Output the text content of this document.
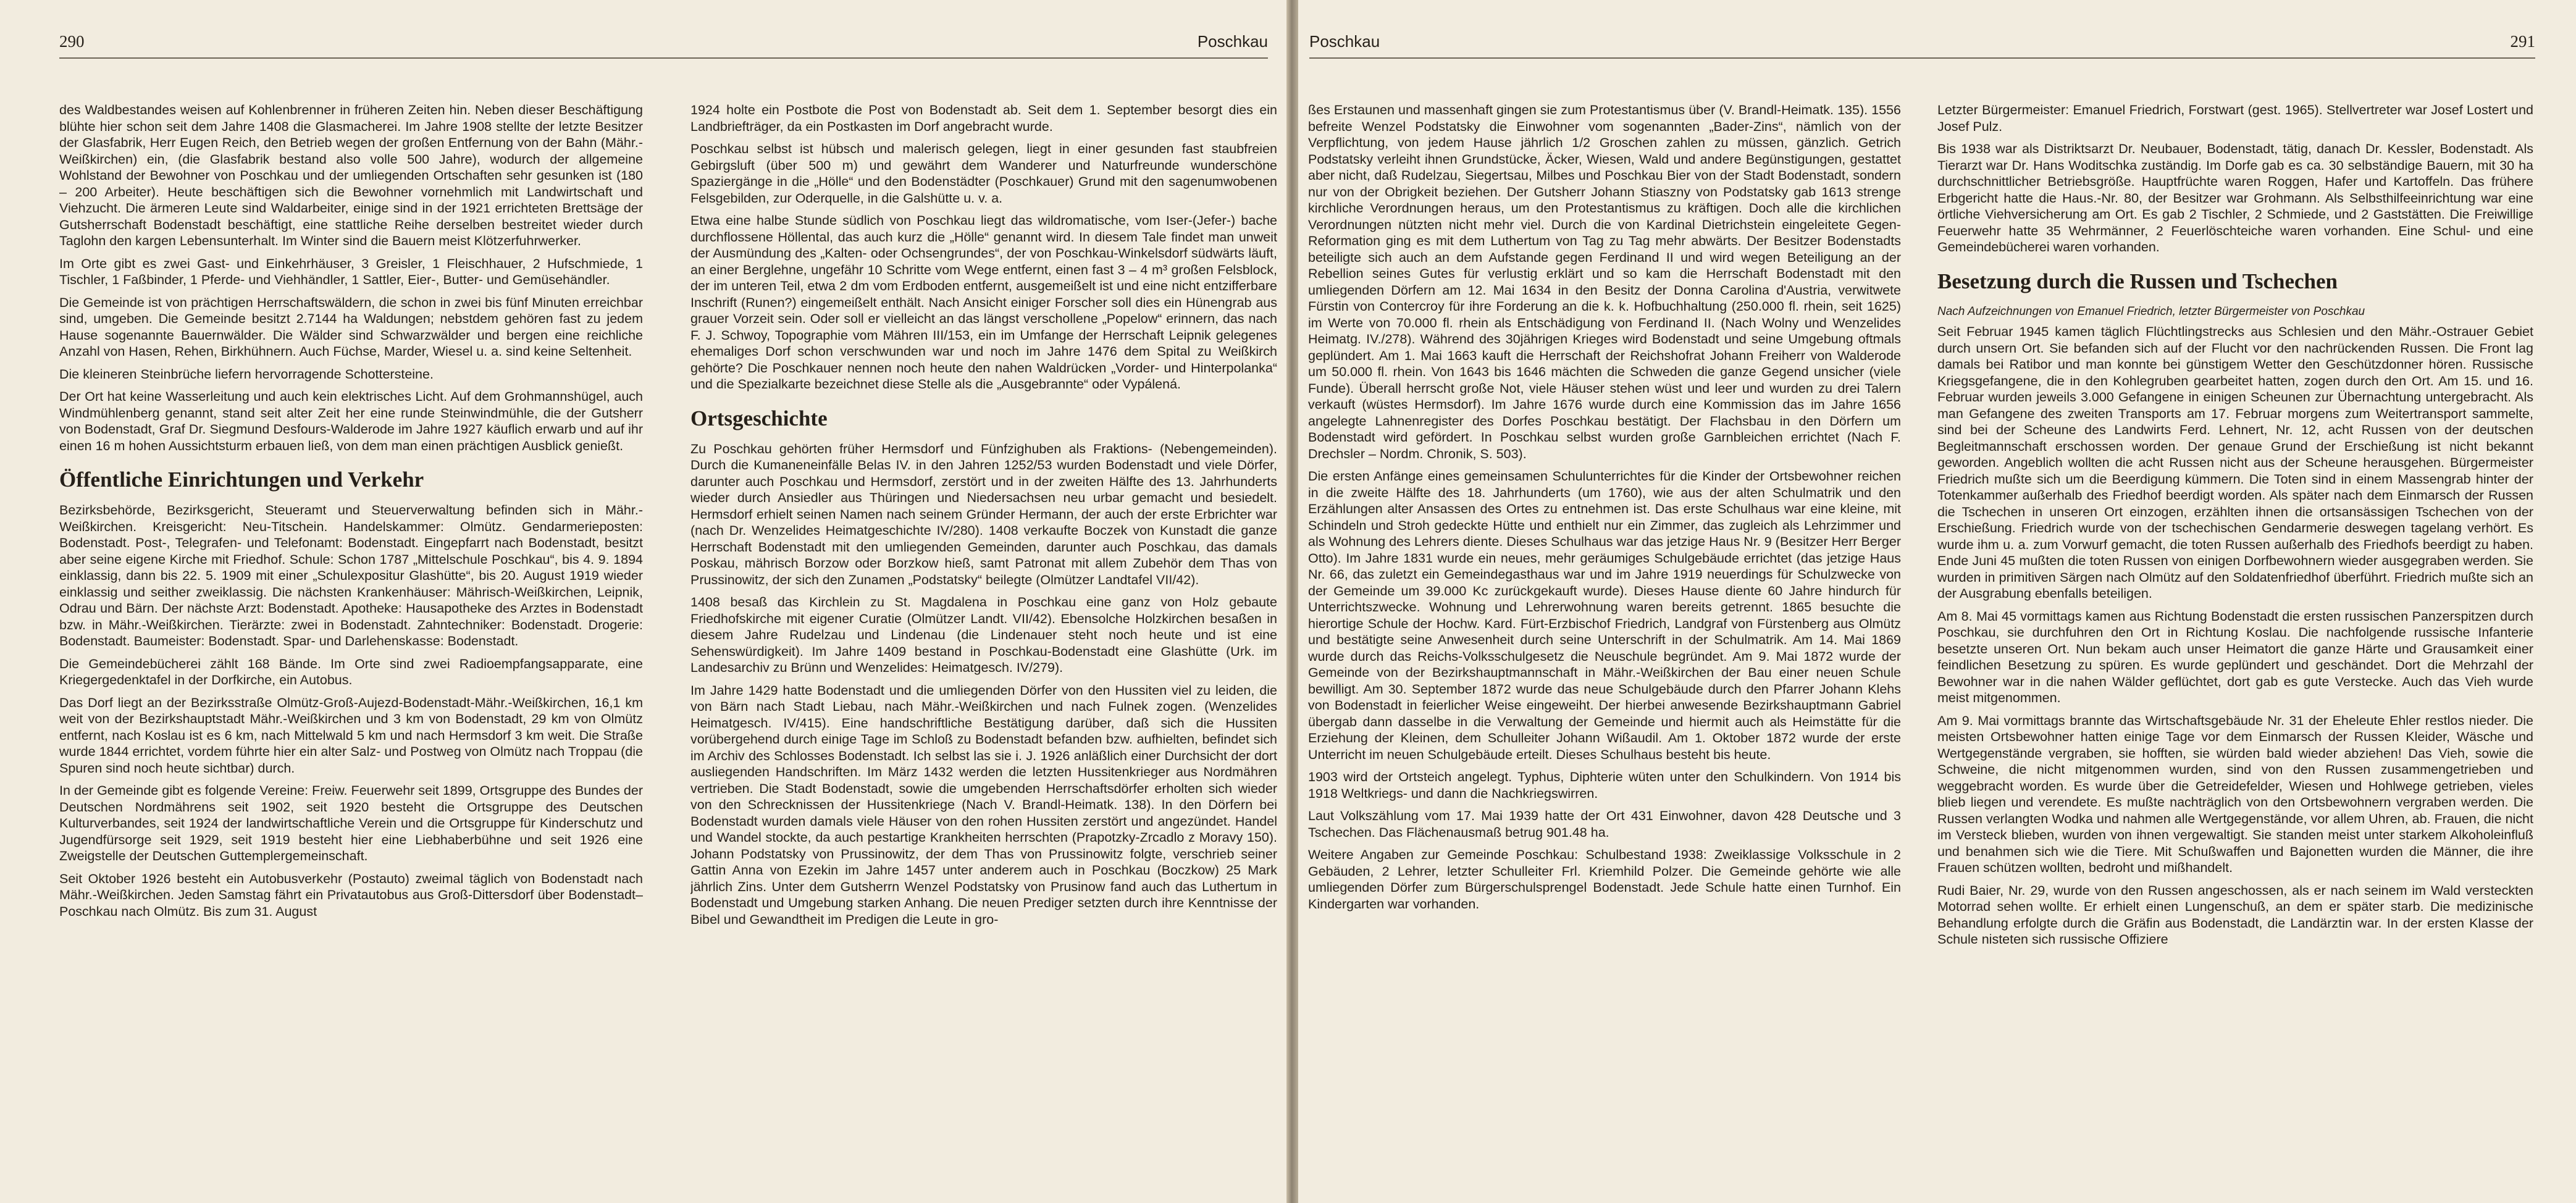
290	Poschkau

des Waldbestandes weisen auf Kohlenbrenner in früheren Zeiten hin. Neben dieser Beschäftigung blühte hier schon seit dem Jahre 1408 die Glasmacherei. Im Jahre 1908 stellte der letzte Besitzer der Glasfabrik, Herr Eugen Reich, den Betrieb wegen der großen Entfernung von der Bahn (Mähr.-Weißkirchen) ein, (die Glasfabrik bestand also volle 500 Jahre), wodurch der allgemeine Wohlstand der Bewohner von Poschkau und der umliegenden Ortschaften sehr gesunken ist (180 – 200 Arbeiter). Heute beschäftigen sich die Bewohner vornehmlich mit Landwirtschaft und Viehzucht. Die ärmeren Leute sind Waldarbeiter, einige sind in der 1921 errichteten Brettsäge der Gutsherrschaft Bodenstadt beschäftigt, eine stattliche Reihe derselben bestreitet wieder durch Taglohn den kargen Lebensunterhalt. Im Winter sind die Bauern meist Klötzerfuhrwerker.

Im Orte gibt es zwei Gast- und Einkehrhäuser, 3 Greisler, 1 Fleischhauer, 2 Hufschmiede, 1 Tischler, 1 Faßbinder, 1 Pferde- und Viehhändler, 1 Sattler, Eier-, Butter- und Gemüsehändler.

Die Gemeinde ist von prächtigen Herrschaftswäldern, die schon in zwei bis fünf Minuten erreichbar sind, umgeben. Die Gemeinde besitzt 2.7144 ha Waldungen; nebstdem gehören fast zu jedem Hause sogenannte Bauernwälder. Die Wälder sind Schwarzwälder und bergen eine reichliche Anzahl von Hasen, Rehen, Birkhühnern. Auch Füchse, Marder, Wiesel u. a. sind keine Seltenheit.

Die kleineren Steinbrüche liefern hervorragende Schottersteine.

Der Ort hat keine Wasserleitung und auch kein elektrisches Licht. Auf dem Grohmannshügel, auch Windmühlenberg genannt, stand seit alter Zeit her eine runde Steinwindmühle, die der Gutsherr von Bodenstadt, Graf Dr. Siegmund Desfours-Walderode im Jahre 1927 käuflich erwarb und auf ihr einen 16 m hohen Aussichtsturm erbauen ließ, von dem man einen prächtigen Ausblick genießt.

Öffentliche Einrichtungen und Verkehr

Bezirksbehörde, Bezirksgericht, Steueramt und Steuerverwaltung befinden sich in Mähr.-Weißkirchen. Kreisgericht: Neu-Titschein. Handelskammer: Olmütz. Gendarmerieposten: Bodenstadt. Post-, Telegrafen- und Telefonamt: Bodenstadt. Eingepfarrt nach Bodenstadt, besitzt aber seine eigene Kirche mit Friedhof. Schule: Schon 1787 „Mittelschule Poschkau“, bis 4. 9. 1894 einklassig, dann bis 22. 5. 1909 mit einer „Schulexpositur Glashütte“, bis 20. August 1919 wieder einklassig und seither zweiklassig. Die nächsten Krankenhäuser: Mährisch-Weißkirchen, Leipnik, Odrau und Bärn. Der nächste Arzt: Bodenstadt. Apotheke: Hausapotheke des Arztes in Bodenstadt bzw. in Mähr.-Weißkirchen. Tierärzte: zwei in Bodenstadt. Zahntechniker: Bodenstadt. Drogerie: Bodenstadt. Baumeister: Bodenstadt. Spar- und Darlehenskasse: Bodenstadt.

Die Gemeindebücherei zählt 168 Bände. Im Orte sind zwei Radioempfangsapparate, eine Kriegergedenktafel in der Dorfkirche, ein Autobus.

Das Dorf liegt an der Bezirksstraße Olmütz-Groß-Aujezd-Bodenstadt-Mähr.-Weißkirchen, 16,1 km weit von der Bezirkshauptstadt Mähr.-Weißkirchen und 3 km von Bodenstadt, 29 km von Olmütz entfernt, nach Koslau ist es 6 km, nach Mittelwald 5 km und nach Hermsdorf 3 km weit. Die Straße wurde 1844 errichtet, vordem führte hier ein alter Salz- und Postweg von Olmütz nach Troppau (die Spuren sind noch heute sichtbar) durch.

In der Gemeinde gibt es folgende Vereine: Freiw. Feuerwehr seit 1899, Ortsgruppe des Bundes der Deutschen Nordmährens seit 1902, seit 1920 besteht die Ortsgruppe des Deutschen Kulturverbandes, seit 1924 der landwirtschaftliche Verein und die Ortsgruppe für Kinderschutz und Jugendfürsorge seit 1929, seit 1919 besteht hier eine Liebhaberbühne und seit 1926 eine Zweigstelle der Deutschen Guttemplergemeinschaft.

Seit Oktober 1926 besteht ein Autobusverkehr (Postauto) zweimal täglich von Bodenstadt nach Mähr.-Weißkirchen. Jeden Samstag fährt ein Privatautobus aus Groß-Dittersdorf über Bodenstadt–Poschkau nach Olmütz. Bis zum 31. August

1924 holte ein Postbote die Post von Bodenstadt ab. Seit dem 1. September besorgt dies ein Landbriefträger, da ein Postkasten im Dorf angebracht wurde.

Poschkau selbst ist hübsch und malerisch gelegen, liegt in einer gesunden fast staubfreien Gebirgsluft (über 500 m) und gewährt dem Wanderer und Naturfreunde wunderschöne Spaziergänge in die „Hölle“ und den Bodenstädter (Poschkauer) Grund mit den sagenumwobenen Felsgebilden, zur Oderquelle, in die Galshütte u. v. a.

Etwa eine halbe Stunde südlich von Poschkau liegt das wildromatische, vom Iser-(Jefer-) bache durchflossene Höllental, das auch kurz die „Hölle“ genannt wird. In diesem Tale findet man unweit der Ausmündung des „Kalten- oder Ochsengrundes“, der von Poschkau-Winkelsdorf südwärts läuft, an einer Berglehne, ungefähr 10 Schritte vom Wege entfernt, einen fast 3 – 4 m³ großen Felsblock, der im unteren Teil, etwa 2 dm vom Erdboden entfernt, ausgemeißelt ist und eine nicht entzifferbare Inschrift (Runen?) eingemeißelt enthält. Nach Ansicht einiger Forscher soll dies ein Hünengrab aus grauer Vorzeit sein. Oder soll er vielleicht an das längst verschollene „Popelow“ erinnern, das nach F. J. Schwoy, Topographie vom Mähren III/153, ein im Umfange der Herrschaft Leipnik gelegenes ehemaliges Dorf schon verschwunden war und noch im Jahre 1476 dem Spital zu Weißkirch gehörte? Die Poschkauer nennen noch heute den nahen Waldrücken „Vorder- und Hinterpolanka“ und die Spezialkarte bezeichnet diese Stelle als die „Ausgebrannte“ oder Vypálená.

Ortsgeschichte

Zu Poschkau gehörten früher Hermsdorf und Fünfzighuben als Fraktions- (Nebengemeinden). Durch die Kumanenеinfälle Belas IV. in den Jahren 1252/53 wurden Bodenstadt und viele Dörfer, darunter auch Poschkau und Hermsdorf, zerstört und in der zweiten Hälfte des 13. Jahrhunderts wieder durch Ansiedler aus Thüringen und Niedersachsen neu urbar gemacht und besiedelt. Hermsdorf erhielt seinen Namen nach seinem Gründer Hermann, der auch der erste Erbrichter war (nach Dr. Wenzelides Heimatgeschichte IV/280). 1408 verkaufte Boczek von Kunstadt die ganze Herrschaft Bodenstadt mit den umliegenden Gemeinden, darunter auch Poschkau, das damals Poskau, mährisch Borzow oder Borzkow hieß, samt Patronat mit allem Zubehör dem Thas von Prussinowitz, der sich den Zunamen „Podstatsky“ beilegte (Olmützer Landtafel VII/42).

1408 besaß das Kirchlein zu St. Magdalena in Poschkau eine ganz von Holz gebaute Friedhofskirche mit eigener Curatie (Olmützer Landt. VII/42). Ebensolche Holzkirchen besaßen in diesem Jahre Rudelzau und Lindenau (die Lindenauer steht noch heute und ist eine Sehenswürdigkeit). Im Jahre 1409 bestand in Poschkau-Bodenstadt eine Glashütte (Urk. im Landesarchiv zu Brünn und Wenzelides: Heimatgesch. IV/279).

Im Jahre 1429 hatte Bodenstadt und die umliegenden Dörfer von den Hussiten viel zu leiden, die von Bärn nach Stadt Liebau, nach Mähr.-Weißkirchen und nach Fulnek zogen. (Wenzelides Heimatgesch. IV/415). Eine handschriftliche Bestätigung darüber, daß sich die Hussiten vorübergehend durch einige Tage im Schloß zu Bodenstadt befanden bzw. aufhielten, befindet sich im Archiv des Schlosses Bodenstadt. Ich selbst las sie i. J. 1926 anläßlich einer Durchsicht der dort ausliegenden Handschriften. Im März 1432 werden die letzten Hussitenkrieger aus Nordmähren vertrieben. Die Stadt Bodenstadt, sowie die umgebenden Herrschaftsdörfer erholten sich wieder von den Schrecknissen der Hussitenkriege (Nach V. Brandl-Heimatk. 138). In den Dörfern bei Bodenstadt wurden damals viele Häuser von den rohen Hussiten zerstört und angezündet. Handel und Wandel stockte, da auch pestartige Krankheiten herrschten (Prapotzky-Zrcadlo z Moravy 150). Johann Podstatsky von Prussinowitz, der dem Thas von Prussinowitz folgte, verschrieb seiner Gattin Anna von Ezekin im Jahre 1457 unter anderem auch in Poschkau (Boczkow) 25 Mark jährlich Zins. Unter dem Gutsherrn Wenzel Podstatsky von Prusinow fand auch das Luthertum in Bodenstadt und Umgebung starken Anhang. Die neuen Prediger setzten durch ihre Kenntnisse der Bibel und Gewandtheit im Predigen die Leute in gro-

Poschkau	291

ßes Erstaunen und massenhaft gingen sie zum Protestantismus über (V. Brandl-Heimatk. 135). 1556 befreite Wenzel Podstatsky die Einwohner vom sogenannten „Bader-Zins“, nämlich von der Verpflichtung, von jedem Hause jährlich 1/2 Groschen zahlen zu müssen, gänzlich. Getrich Podstatsky verleiht ihnen Grundstücke, Äcker, Wiesen, Wald und andere Begünstigungen, gestattet aber nicht, daß Rudelzau, Siegertsau, Milbes und Poschkau Bier von der Stadt Bodenstadt, sondern nur von der Obrigkeit beziehen. Der Gutsherr Johann Stiaszny von Podstatsky gab 1613 strenge kirchliche Verordnungen heraus, um den Protestantismus zu kräftigen. Doch alle die kirchlichen Verordnungen nützten nicht mehr viel. Durch die von Kardinal Dietrichstein eingeleitete Gegen-Reformation ging es mit dem Luthertum von Tag zu Tag mehr abwärts. Der Besitzer Bodenstadts beteiligte sich auch an dem Aufstande gegen Ferdinand II und wird wegen Beteiligung an der Rebellion seines Gutes für verlustig erklärt und so kam die Herrschaft Bodenstadt mit den umliegenden Dörfern am 12. Mai 1634 in den Besitz der Donna Carolina d'Austria, verwitwete Fürstin von Contercroy für ihre Forderung an die k. k. Hofbuchhaltung (250.000 fl. rhein, seit 1625) im Werte von 70.000 fl. rhein als Entschädigung von Ferdinand II. (Nach Wolny und Wenzelides Heimatg. IV./278). Während des 30jährigen Krieges wird Bodenstadt und seine Umgebung oftmals geplündert. Am 1. Mai 1663 kauft die Herrschaft der Reichshofrat Johann Freiherr von Walderode um 50.000 fl. rhein. Von 1643 bis 1646 mächten die Schweden die ganze Gegend unsicher (viele Funde). Überall herrscht große Not, viele Häuser stehen wüst und leer und wurden zu drei Talern verkauft (wüstes Hermsdorf). Im Jahre 1676 wurde durch eine Kommission das im Jahre 1656 angelegte Lahnenregister des Dorfes Poschkau bestätigt. Der Flachsbau in den Dörfern um Bodenstadt wird gefördert. In Poschkau selbst wurden große Garnbleichen errichtet (Nach F. Drechsler – Nordm. Chronik, S. 503).

Die ersten Anfänge eines gemeinsamen Schulunterrichtes für die Kinder der Ortsbewohner reichen in die zweite Hälfte des 18. Jahrhunderts (um 1760), wie aus der alten Schulmatrik und den Erzählungen alter Ansassen des Ortes zu entnehmen ist. Das erste Schulhaus war eine kleine, mit Schindeln und Stroh gedeckte Hütte und enthielt nur ein Zimmer, das zugleich als Lehrzimmer und als Wohnung des Lehrers diente. Dieses Schulhaus war das jetzige Haus Nr. 9 (Besitzer Herr Berger Otto). Im Jahre 1831 wurde ein neues, mehr geräumiges Schulgebäude errichtet (das jetzige Haus Nr. 66, das zuletzt ein Gemeindegasthaus war und im Jahre 1919 neuerdings für Schulzwecke von der Gemeinde um 39.000 Kc zurückgekauft wurde). Dieses Hause diente 60 Jahre hindurch für Unterrichtszwecke. Wohnung und Lehrerwohnung waren bereits getrennt. 1865 besuchte die hierortige Schule der Hochw. Kard. Fürt-Erzbischof Friedrich, Landgraf von Fürstenberg aus Olmütz und bestätigte seine Anwesenheit durch seine Unterschrift in der Schulmatrik. Am 14. Mai 1869 wurde durch das Reichs-Volksschulgesetz die Neuschule begründet. Am 9. Mai 1872 wurde der Gemeinde von der Bezirkshauptmannschaft in Mähr.-Weißkirchen der Bau einer neuen Schule bewilligt. Am 30. September 1872 wurde das neue Schulgebäude durch den Pfarrer Johann Klehs von Bodenstadt in feierlicher Weise eingeweiht. Der hierbei anwesende Bezirkshauptmann Gabriel übergab dann dasselbe in die Verwaltung der Gemeinde und hiermit auch als Heimstätte für die Erziehung der Kleinen, dem Schulleiter Johann Wißaudil. Am 1. Oktober 1872 wurde der erste Unterricht im neuen Schulgebäude erteilt. Dieses Schulhaus besteht bis heute.

1903 wird der Ortsteich angelegt. Typhus, Diphterie wüten unter den Schulkindern. Von 1914 bis 1918 Weltkriegs- und dann die Nachkriegswirren.

Laut Volkszählung vom 17. Mai 1939 hatte der Ort 431 Einwohner, davon 428 Deutsche und 3 Tschechen. Das Flächenausmaß betrug 901.48 ha.

Weitere Angaben zur Gemeinde Poschkau: Schulbestand 1938: Zweiklassige Volksschule in 2 Gebäuden, 2 Lehrer, letzter Schulleiter Frl. Kriemhild Polzer. Die Gemeinde gehörte wie alle umliegenden Dörfer zum Bürgerschulsprengel Bodenstadt. Jede Schule hatte einen Turnhof. Ein Kindergarten war vorhanden.

Letzter Bürgermeister: Emanuel Friedrich, Forstwart (gest. 1965). Stellvertreter war Josef Lostert und Josef Pulz.

Bis 1938 war als Distriktsarzt Dr. Neubauer, Bodenstadt, tätig, danach Dr. Kessler, Bodenstadt. Als Tierarzt war Dr. Hans Woditschka zuständig. Im Dorfe gab es ca. 30 selbständige Bauern, mit 30 ha durchschnittlicher Betriebsgröße. Hauptfrüchte waren Roggen, Hafer und Kartoffeln. Das frühere Erbgericht hatte die Haus.-Nr. 80, der Besitzer war Grohmann. Als Selbsthilfeeinrichtung war eine örtliche Viehversicherung am Ort. Es gab 2 Tischler, 2 Schmiede, und 2 Gaststätten. Die Freiwillige Feuerwehr hatte 35 Wehrmänner, 2 Feuerlöschteiche waren vorhanden. Eine Schul- und eine Gemeindebücherei waren vorhanden.

Besetzung durch die Russen und Tschechen

Nach Aufzeichnungen von Emanuel Friedrich, letzter Bürgermeister von Poschkau

Seit Februar 1945 kamen täglich Flüchtlingstrecks aus Schlesien und den Mähr.-Ostrauer Gebiet durch unsern Ort. Sie befanden sich auf der Flucht vor den nachrückenden Russen. Die Front lag damals bei Ratibor und man konnte bei günstigem Wetter den Geschützdonner hören. Russische Kriegsgefangene, die in den Kohlegruben gearbeitet hatten, zogen durch den Ort. Am 15. und 16. Februar wurden jeweils 3.000 Gefangene in einigen Scheunen zur Übernachtung untergebracht. Als man Gefangene des zweiten Transports am 17. Februar morgens zum Weitertransport sammelte, sind bei der Scheune des Landwirts Ferd. Lehnert, Nr. 12, acht Russen von der deutschen Begleitmannschaft erschossen worden. Der genaue Grund der Erschießung ist nicht bekannt geworden. Angeblich wollten die acht Russen nicht aus der Scheune herausgehen. Bürgermeister Friedrich mußte sich um die Beerdigung kümmern. Die Toten sind in einem Massengrab hinter der Totenkammer außerhalb des Friedhof beerdigt worden. Als später nach dem Einmarsch der Russen die Tschechen in unseren Ort einzogen, erzählten ihnen die ortsansässigen Tschechen von der Erschießung. Friedrich wurde von der tschechischen Gendarmerie deswegen tagelang verhört. Es wurde ihm u. a. zum Vorwurf gemacht, die toten Russen außerhalb des Friedhofs beerdigt zu haben. Ende Juni 45 mußten die toten Russen von einigen Dorfbewohnern wieder ausgegraben werden. Sie wurden in primitiven Särgen nach Olmütz auf den Soldatenfriedhof überführt. Friedrich mußte sich an der Ausgrabung ebenfalls beteiligen.

Am 8. Mai 45 vormittags kamen aus Richtung Bodenstadt die ersten russischen Panzerspitzen durch Poschkau, sie durchfuhren den Ort in Richtung Koslau. Die nachfolgende russische Infanterie besetzte unseren Ort. Nun bekam auch unser Heimatort die ganze Härte und Grausamkeit einer feindlichen Besetzung zu spüren. Es wurde geplündert und geschändet. Dort die Mehrzahl der Bewohner war in die nahen Wälder geflüchtet, dort gab es gute Verstecke. Auch das Vieh wurde meist mitgenommen.

Am 9. Mai vormittags brannte das Wirtschaftsgebäude Nr. 31 der Eheleute Ehler restlos nieder. Die meisten Ortsbewohner hatten einige Tage vor dem Einmarsch der Russen Kleider, Wäsche und Wertgegenstände vergraben, sie hofften, sie würden bald wieder abziehen! Das Vieh, sowie die Schweine, die nicht mitgenommen wurden, sind von den Russen zusammengetrieben und weggebracht worden. Es wurde über die Getreidefelder, Wiesen und Hohlwege getrieben, vieles blieb liegen und verendete. Es mußte nachträglich von den Ortsbewohnern vergraben werden. Die Russen verlangten Wodka und nahmen alle Wertgegenstände, vor allem Uhren, ab. Frauen, die nicht im Versteck blieben, wurden von ihnen vergewaltigt. Sie standen meist unter starkem Alkoholeinfluß und benahmen sich wie die Tiere. Mit Schußwaffen und Bajonetten wurden die Männer, die ihre Frauen schützen wollten, bedroht und mißhandelt.

Rudi Baier, Nr. 29, wurde von den Russen angeschossen, als er nach seinem im Wald versteckten Motorrad sehen wollte. Er erhielt einen Lungenschuß, an dem er später starb. Die medizinische Behandlung erfolgte durch die Gräfin aus Bodenstadt, die Landärztin war. In der ersten Klasse der Schule nisteten sich russische Offiziere
